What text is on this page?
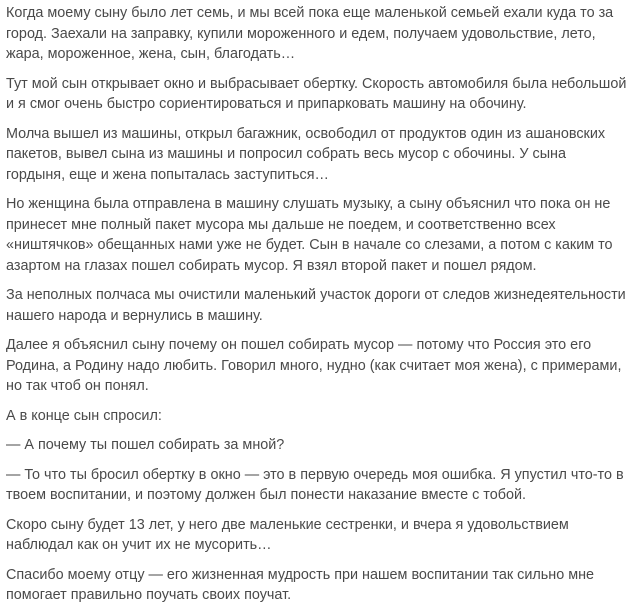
Когда моему сыну было лет семь, и мы всей пока еще маленькой семьей ехали куда то за
город. Заехали на заправку, купили мороженного и едем, получаем удовольствие, лето,
жара, мороженное, жена, сын, благодать…

Тут мой сын открывает окно и выбрасывает обертку. Скорость автомобиля была небольшой
и я смог очень быстро сориентироваться и припарковать машину на обочину.

Молча вышел из машины, открыл багажник, освободил от продуктов один из ашановских
пакетов, вывел сына из машины и попросил собрать весь мусор с обочины. У сына
гордыня, еще и жена попыталась заступиться…

Но женщина была отправлена в машину слушать музыку, а сыну объяснил что пока он не
принесет мне полный пакет мусора мы дальше не поедем, и соответственно всех
«ништячков» обещанных нами уже не будет. Сын в начале со слезами, а потом с каким то
азартом на глазах пошел собирать мусор. Я взял второй пакет и пошел рядом.

За неполных полчаса мы очистили маленький участок дороги от следов жизнедеятельности
нашего народа и вернулись в машину.

Далее я объяснил сыну почему он пошел собирать мусор — потому что Россия это его
Родина, а Родину надо любить. Говорил много, нудно (как считает моя жена), с примерами,
но так чтоб он понял.

А в конце сын спросил:

— А почему ты пошел собирать за мной?

— То что ты бросил обертку в окно — это в первую очередь моя ошибка. Я упустил что-то в
твоем воспитании, и поэтому должен был понести наказание вместе с тобой.

Скоро сыну будет 13 лет, у него две маленькие сестренки, и вчера я удовольствием
наблюдал как он учит их не мусорить…

Спасибо моему отцу — его жизненная мудрость при нашем воспитании так сильно мне
помогает правильно поучать своих поучат.
